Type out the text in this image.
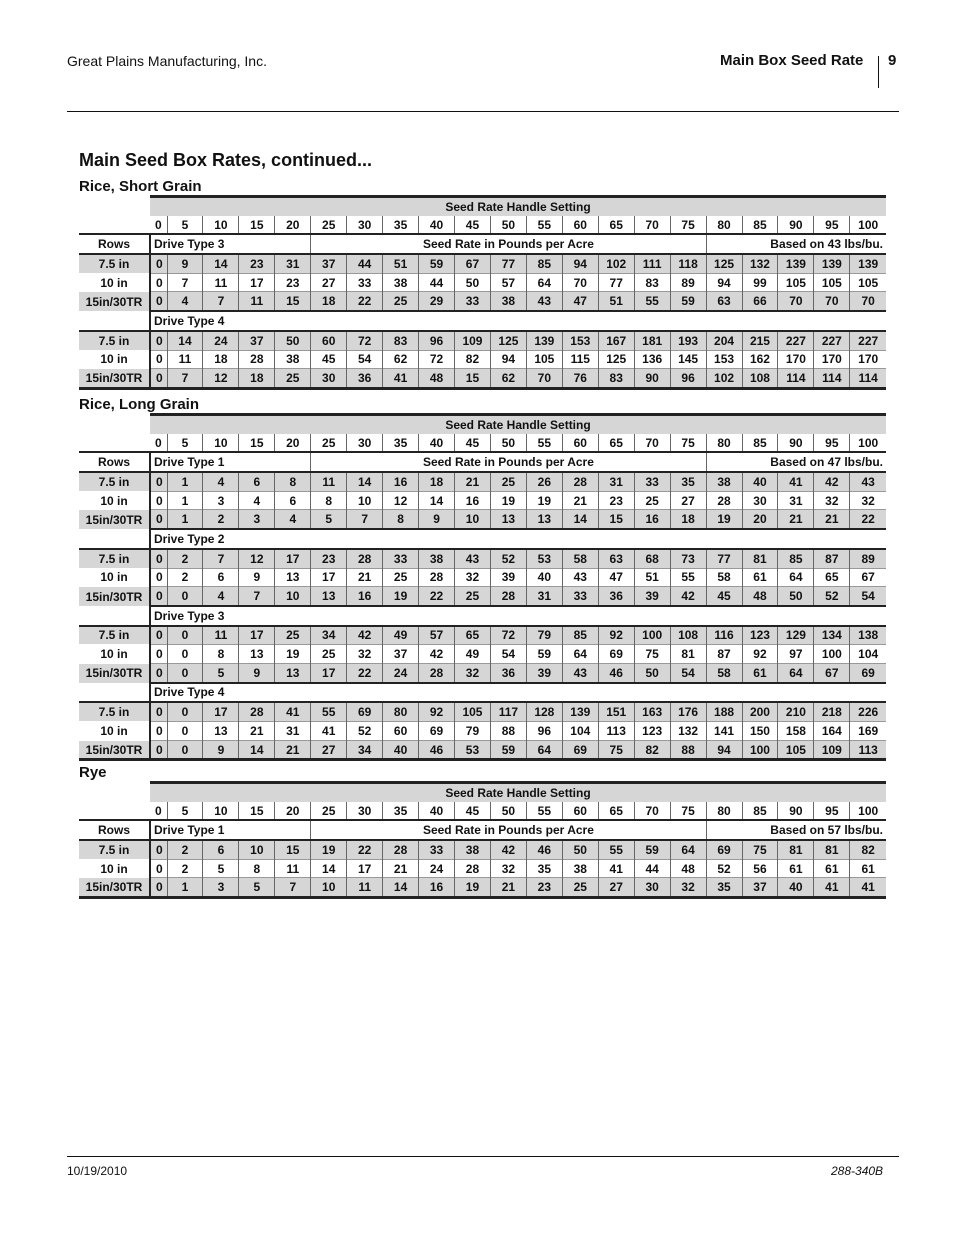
Great Plains Manufacturing, Inc.	Main Box Seed Rate 9
Main Seed Box Rates, continued...
Rice, Short Grain
	Seed Rate Handle Setting																				
	0	5	10	15	20	25	30	35	40	45	50	55	60	65	70	75	80	85	90	95	100
Rows	Drive Type 3					Seed Rate in Pounds per Acre											Based on 43 lbs/bu.				
7.5 in	0	9	14	23	31	37	44	51	59	67	77	85	94	102	111	118	125	132	139	139	139
10 in	0	7	11	17	23	27	33	38	44	50	57	64	70	77	83	89	94	99	105	105	105
15in/30TR	0	4	7	11	15	18	22	25	29	33	38	43	47	51	55	59	63	66	70	70	70
	Drive Type 4																				
7.5 in	0	14	24	37	50	60	72	83	96	109	125	139	153	167	181	193	204	215	227	227	227
10 in	0	11	18	28	38	45	54	62	72	82	94	105	115	125	136	145	153	162	170	170	170
15in/30TR	0	7	12	18	25	30	36	41	48	15	62	70	76	83	90	96	102	108	114	114	114
Rice, Long Grain
	Seed Rate Handle Setting																				
	0	5	10	15	20	25	30	35	40	45	50	55	60	65	70	75	80	85	90	95	100
Rows	Drive Type 1					Seed Rate in Pounds per Acre											Based on 47 lbs/bu.				
7.5 in	0	1	4	6	8	11	14	16	18	21	25	26	28	31	33	35	38	40	41	42	43
10 in	0	1	3	4	6	8	10	12	14	16	19	19	21	23	25	27	28	30	31	32	32
15in/30TR	0	1	2	3	4	5	7	8	9	10	13	13	14	15	16	18	19	20	21	21	22
	Drive Type 2																				
7.5 in	0	2	7	12	17	23	28	33	38	43	52	53	58	63	68	73	77	81	85	87	89
10 in	0	2	6	9	13	17	21	25	28	32	39	40	43	47	51	55	58	61	64	65	67
15in/30TR	0	0	4	7	10	13	16	19	22	25	28	31	33	36	39	42	45	48	50	52	54
	Drive Type 3																				
7.5 in	0	0	11	17	25	34	42	49	57	65	72	79	85	92	100	108	116	123	129	134	138
10 in	0	0	8	13	19	25	32	37	42	49	54	59	64	69	75	81	87	92	97	100	104
15in/30TR	0	0	5	9	13	17	22	24	28	32	36	39	43	46	50	54	58	61	64	67	69
	Drive Type 4																				
7.5 in	0	0	17	28	41	55	69	80	92	105	117	128	139	151	163	176	188	200	210	218	226
10 in	0	0	13	21	31	41	52	60	69	79	88	96	104	113	123	132	141	150	158	164	169
15in/30TR	0	0	9	14	21	27	34	40	46	53	59	64	69	75	82	88	94	100	105	109	113
Rye
	Seed Rate Handle Setting																				
	0	5	10	15	20	25	30	35	40	45	50	55	60	65	70	75	80	85	90	95	100
Rows	Drive Type 1					Seed Rate in Pounds per Acre											Based on 57 lbs/bu.				
7.5 in	0	2	6	10	15	19	22	28	33	38	42	46	50	55	59	64	69	75	81	81	82
10 in	0	2	5	8	11	14	17	21	24	28	32	35	38	41	44	48	52	56	61	61	61
15in/30TR	0	1	3	5	7	10	11	14	16	19	21	23	25	27	30	32	35	37	40	41	41
10/19/2010	288-340B
